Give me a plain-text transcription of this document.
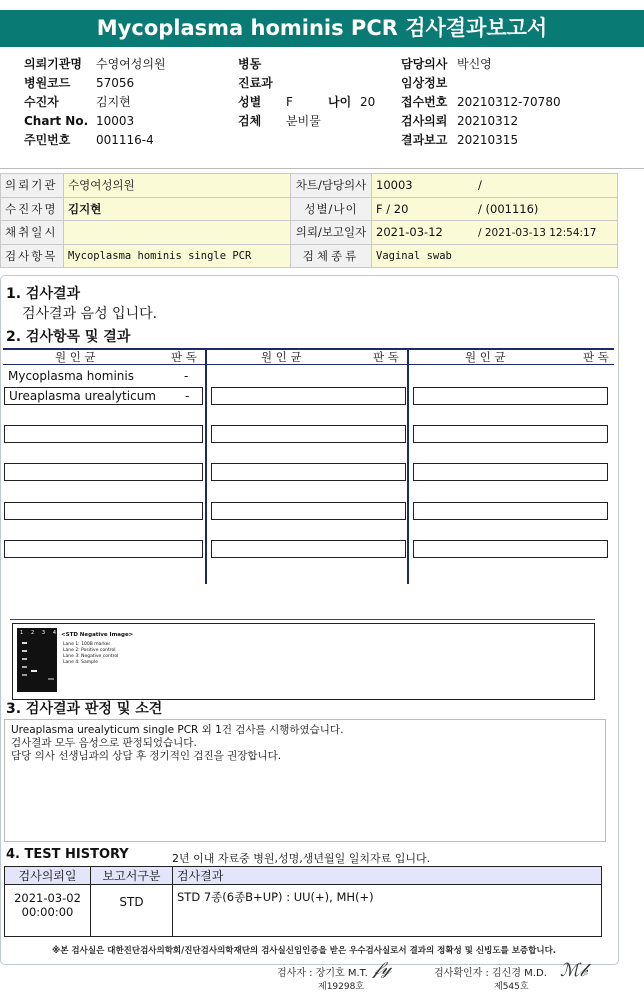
Mycoplasma hominis PCR 검사결과보고서
의뢰기관명 수영여성의원
병원코드 57056
수진자	김지현
Chart No. 10003
주민번호 001116-4
병동
진료과
성별 F	나이 20
검체 분비물
담당의사 박신영
임상정보
접수번호 20210312-70780
검사의뢰 20210312
결과보고 20210315
의뢰기관	수영여성의원	차트/담당의사	10003 /
수진자명	김지현	성별/나이	F / 20 / (001116)
채취일시		의뢰/보고일자	2021-03-12 / 2021-03-13 12:54:17
검사항목	Mycoplasma hominis single PCR	검체종류	Vaginal swab
1. 검사결과
검사결과 음성 입니다.
2. 검사항목 및 결과
원 인 균	판 독	원 인 균	판 독	원 인 균	판 독
Mycoplasma hominis	-
Ureaplasma urealyticum -
1 2 3 4 <STD Negative Image>
Lane 1: 100B marker
Lane 2: Positive control
Lane 3: Negative control
Lane 4: Sample
3. 검사결과 판정 및 소견
Ureaplasma urealyticum single PCR 외 1건 검사를 시행하였습니다.
검사결과 모두 음성으로 판정되었습니다.
담당 의사 선생님과의 상담 후 정기적인 검진을 권장합니다.
4. TEST HISTORY	2년 이내 자료중 병원,성명,생년월일 일치자료 입니다.
검사의뢰일	보고서구분	검사결과

2021-03-02
00:00:00	STD	STD 7종(6종B+UP) : UU(+), MH(+)
※본 검사실은 대한진단검사의학회/진단검사의학재단의 검사실신임인증을 받은 우수검사실로서 결과의 정확성 및 신빙도를 보증합니다.
검사자 : 장기호 M.T.
제19298호
𝒻𝓎	검사확인자 : 김신경 M.D.
제545호
ℳ𝒷
